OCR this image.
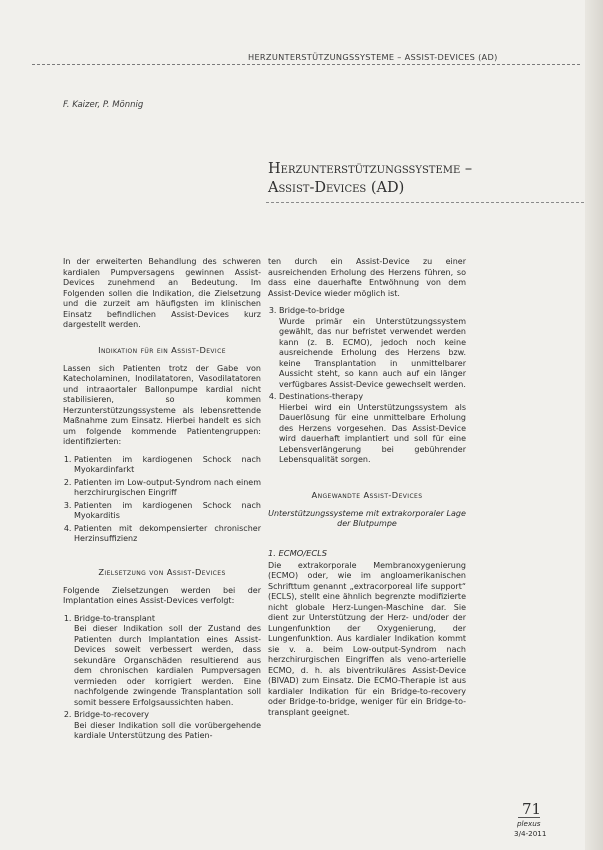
HERZUNTERSTÜTZUNGSSYSTEME – ASSIST-DEVICES (AD)
F. Kaizer, P. Mönnig
Herzunterstützungssysteme –
Assist-Devices (AD)

In der erweiterten Behandlung des schweren kardialen Pumpversagens gewinnen Assist-Devices zunehmend an Bedeutung. Im Folgenden sollen die Indikation, die Zielsetzung und die zurzeit am häufigsten im klinischen Einsatz befindlichen Assist-Devices kurz dargestellt werden.

Indikation für ein Assist-Device

Lassen sich Patienten trotz der Gabe von Katecholaminen, Inodilatatoren, Vasodilatatoren und intraaortaler Ballonpumpe kardial nicht stabilisieren, so kommen Herzunterstützungssysteme als lebensrettende Maßnahme zum Einsatz. Hierbei handelt es sich um folgende kommende Patientengruppen: identifizierten:

1. Patienten im kardiogenen Schock nach Myokardinfarkt
2. Patienten im Low-output-Syndrom nach einem herzchirurgischen Eingriff
3. Patienten im kardiogenen Schock nach Myokarditis
4. Patienten mit dekompensierter chronischer Herzinsuffizienz
Zielsetzung von Assist-Devices

Folgende Zielsetzungen werden bei der Implantation eines Assist-Devices verfolgt:

1. Bridge-to-transplant
Bei dieser Indikation soll der Zustand des Patienten durch Implantation eines Assist-Devices soweit verbessert werden, dass sekundäre Organschäden resultierend aus dem chronischen kardialen Pumpversagen vermieden oder korrigiert werden. Eine nachfolgende zwingende Transplantation soll somit bessere Erfolgsaussichten haben.
2. Bridge-to-recovery
Bei dieser Indikation soll die vorübergehende kardiale Unterstützung des Patien-

ten durch ein Assist-Device zu einer ausreichenden Erholung des Herzens führen, so dass eine dauerhafte Entwöhnung von dem Assist-Device wieder möglich ist.

3. Bridge-to-bridge
Wurde primär ein Unterstützungssystem gewählt, das nur befristet verwendet werden kann (z. B. ECMO), jedoch noch keine ausreichende Erholung des Herzens bzw. keine Transplantation in unmittelbarer Aussicht steht, so kann auch auf ein länger verfügbares Assist-Device gewechselt werden.
4. Destinations-therapy
Hierbei wird ein Unterstützungssystem als Dauerlösung für eine unmittelbare Erholung des Herzens vorgesehen. Das Assist-Device wird dauerhaft implantiert und soll für eine Lebensverlängerung bei gebührender Lebensqualität sorgen.
Angewandte Assist-Devices

Unterstützungssysteme mit extrakorporaler Lage der Blutpumpe

1. ECMO/ECLS

Die extrakorporale Membranoxygenierung (ECMO) oder, wie im angloamerikanischen Schrifttum genannt „extracorporeal life support“ (ECLS), stellt eine ähnlich begrenzte modifizierte nicht globale Herz-Lungen-Maschine dar. Sie dient zur Unterstützung der Herz- und/oder der Lungenfunktion der Oxygenierung, der Lungenfunktion. Aus kardialer Indikation kommt sie v. a. beim Low-output-Syndrom nach herzchirurgischen Eingriffen als veno-arterielle ECMO, d. h. als biventrikuläres Assist-Device (BIVAD) zum Einsatz. Die ECMO-Therapie ist aus kardialer Indikation für ein Bridge-to-recovery oder Bridge-to-bridge, weniger für ein Bridge-to-transplant geeignet.

71
plexus
3/4-2011
